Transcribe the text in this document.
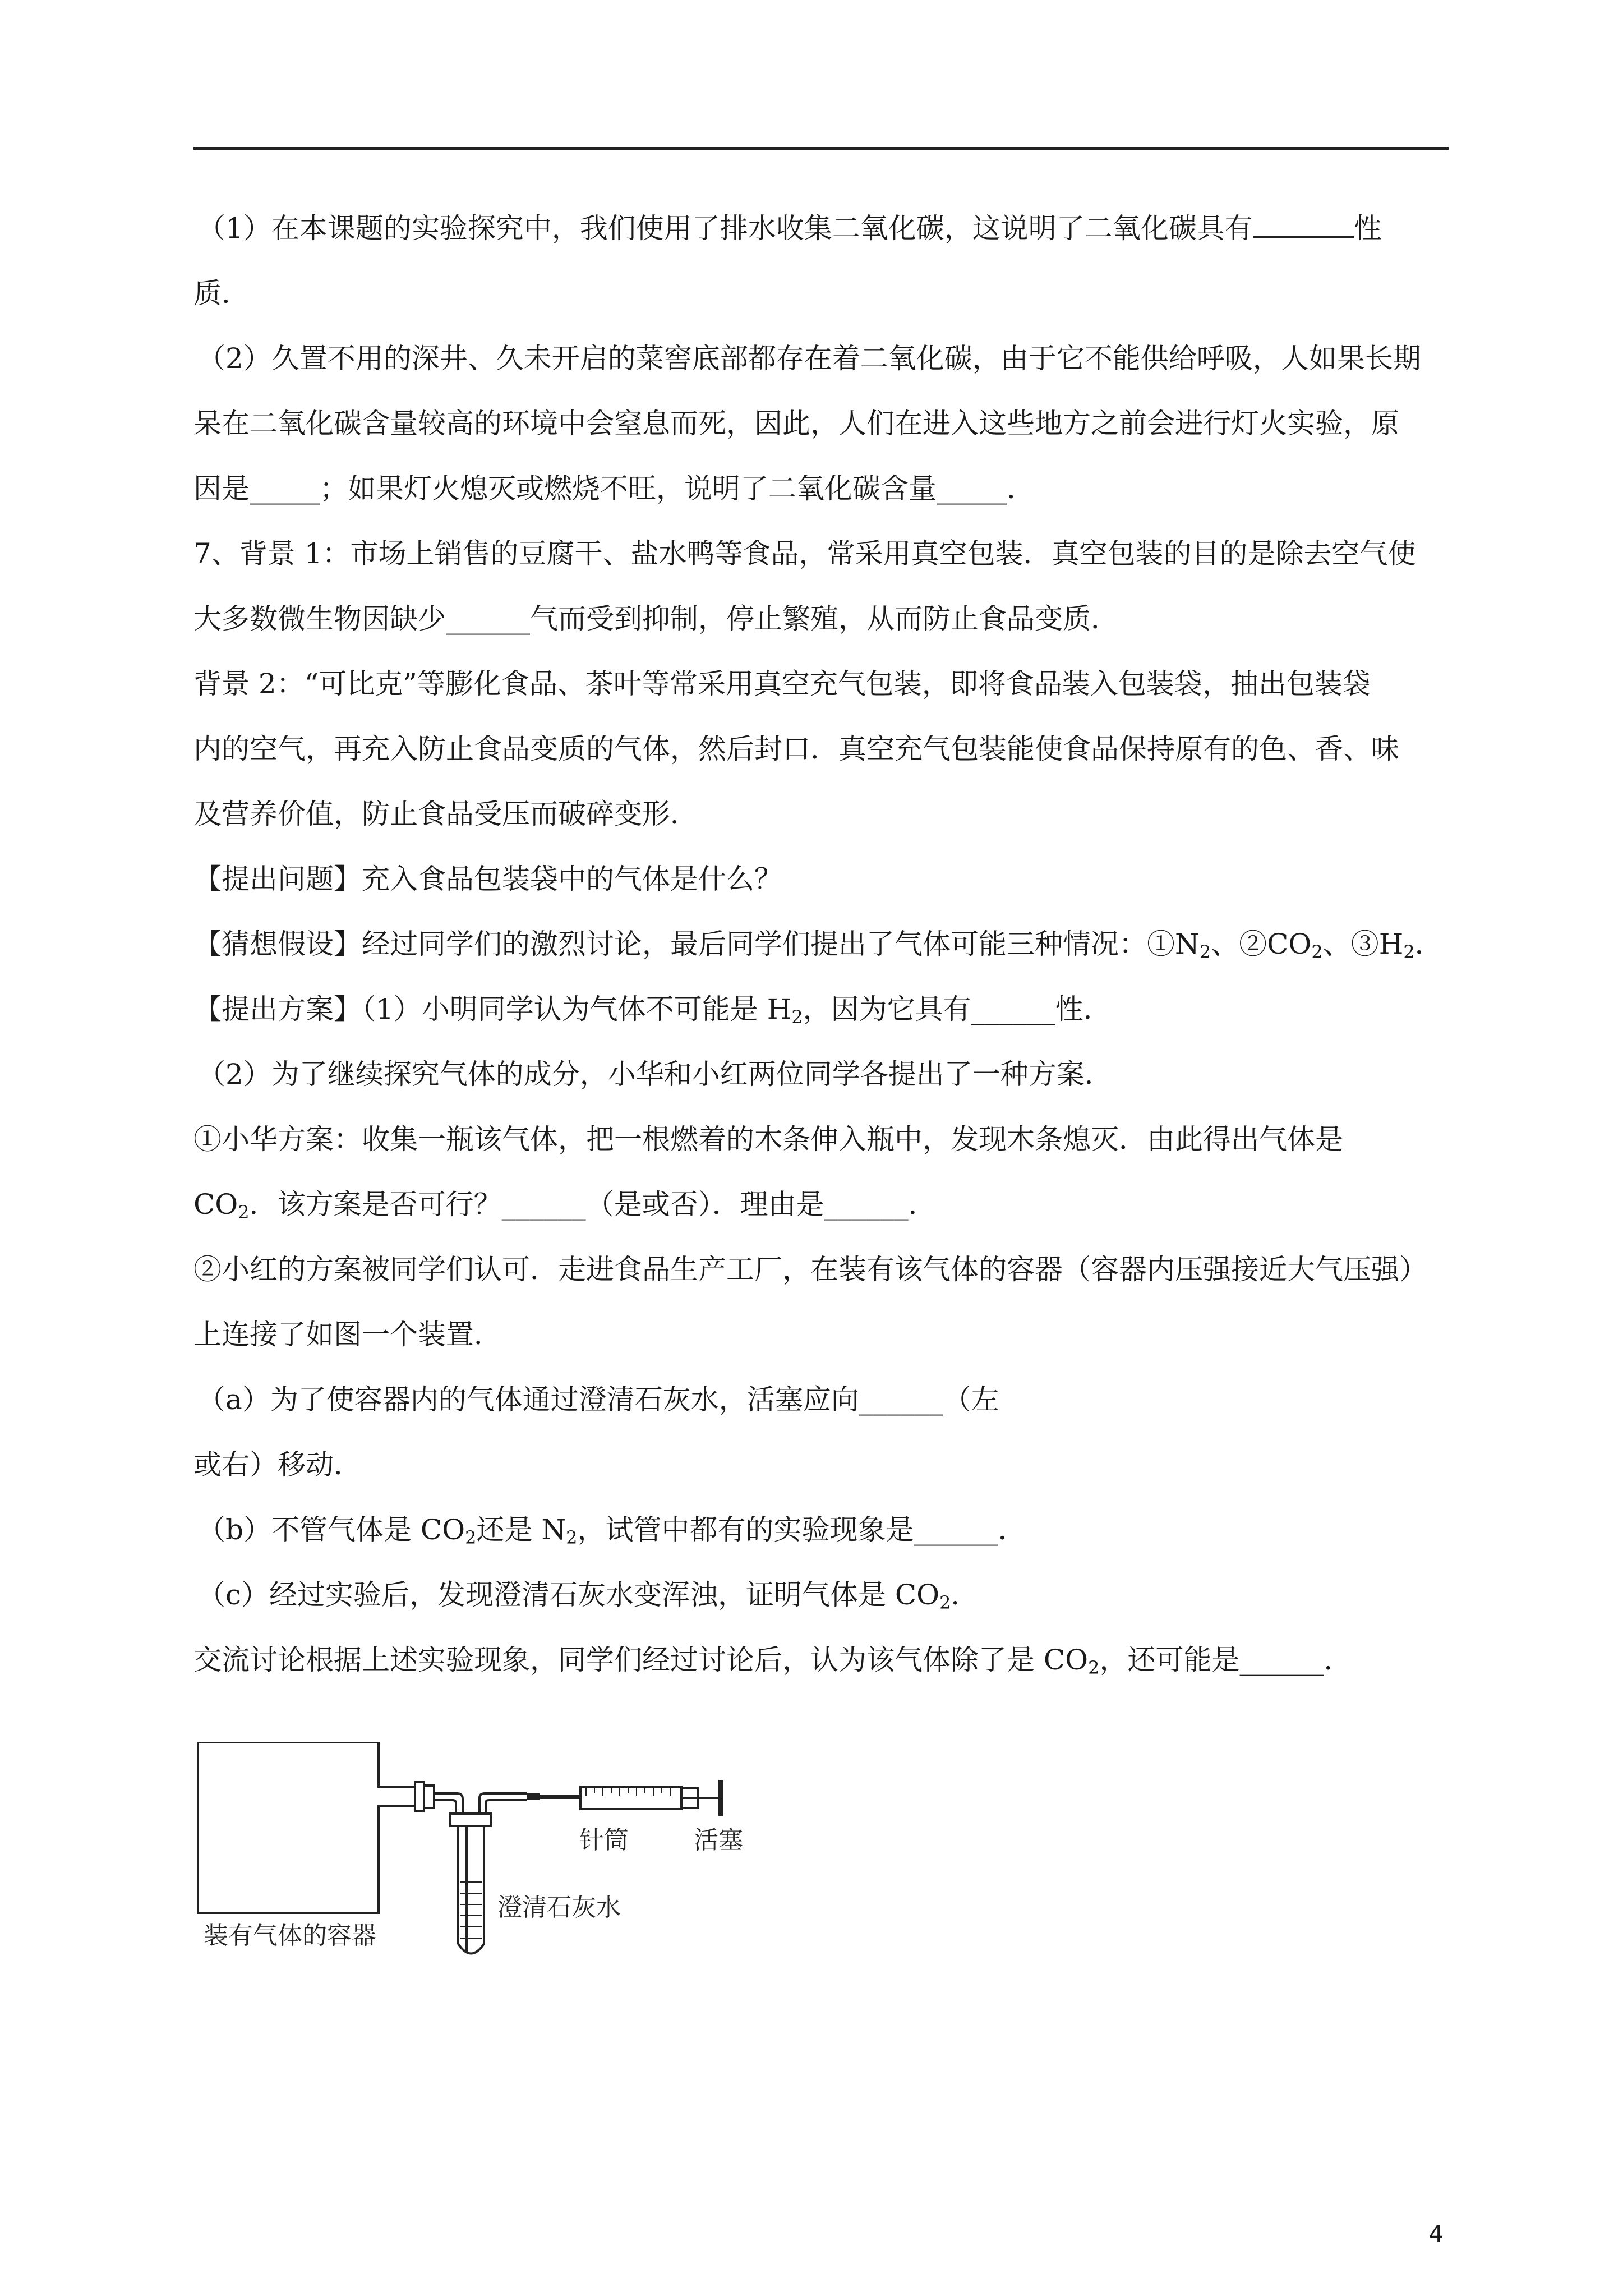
（1）在本课题的实验探究中，我们使用了排水收集二氧化碳，这说明了二氧化碳具有	性
质．
（2）久置不用的深井、久未开启的菜窖底部都存在着二氧化碳，由于它不能供给呼吸，人如果长期
呆在二氧化碳含量较高的环境中会窒息而死，因此，人们在进入这些地方之前会进行灯火实验，原
因是_____；如果灯火熄灭或燃烧不旺，说明了二氧化碳含量_____．
7、背景 1：市场上销售的豆腐干、盐水鸭等食品，常采用真空包装．真空包装的目的是除去空气使
大多数微生物因缺少______气而受到抑制，停止繁殖，从而防止食品变质．
背景 2：“可比克”等膨化食品、茶叶等常采用真空充气包装，即将食品装入包装袋，抽出包装袋
内的空气，再充入防止食品变质的气体，然后封口．真空充气包装能使食品保持原有的色、香、味
及营养价值，防止食品受压而破碎变形．
【提出问题】充入食品包装袋中的气体是什么？
【猜想假设】经过同学们的激烈讨论，最后同学们提出了气体可能三种情况：$①N_2$、$②CO_2$、$③H_2$．
【提出方案】（1）小明同学认为气体不可能是 $H_2$，因为它具有______性．
（2）为了继续探究气体的成分，小华和小红两位同学各提出了一种方案．
①小华方案：收集一瓶该气体，把一根燃着的木条伸入瓶中，发现木条熄灭．由此得出气体是
$CO_2$．该方案是否可行？______（是或否）．理由是______．
②小红的方案被同学们认可．走进食品生产工厂，在装有该气体的容器（容器内压强接近大气压强）
上连接了如图一个装置．
（a）为了使容器内的气体通过澄清石灰水，活塞应向______（左
或右）移动．
（b）不管气体是 $CO_2$还是 $N_2$，试管中都有的实验现象是______．
（c）经过实验后，发现澄清石灰水变浑浊，证明气体是 $CO_2$．
交流讨论根据上述实验现象，同学们经过讨论后，认为该气体除了是 $CO_2$，还可能是______．
装有气体的容器
针筒	活塞
澄清石灰水
4
